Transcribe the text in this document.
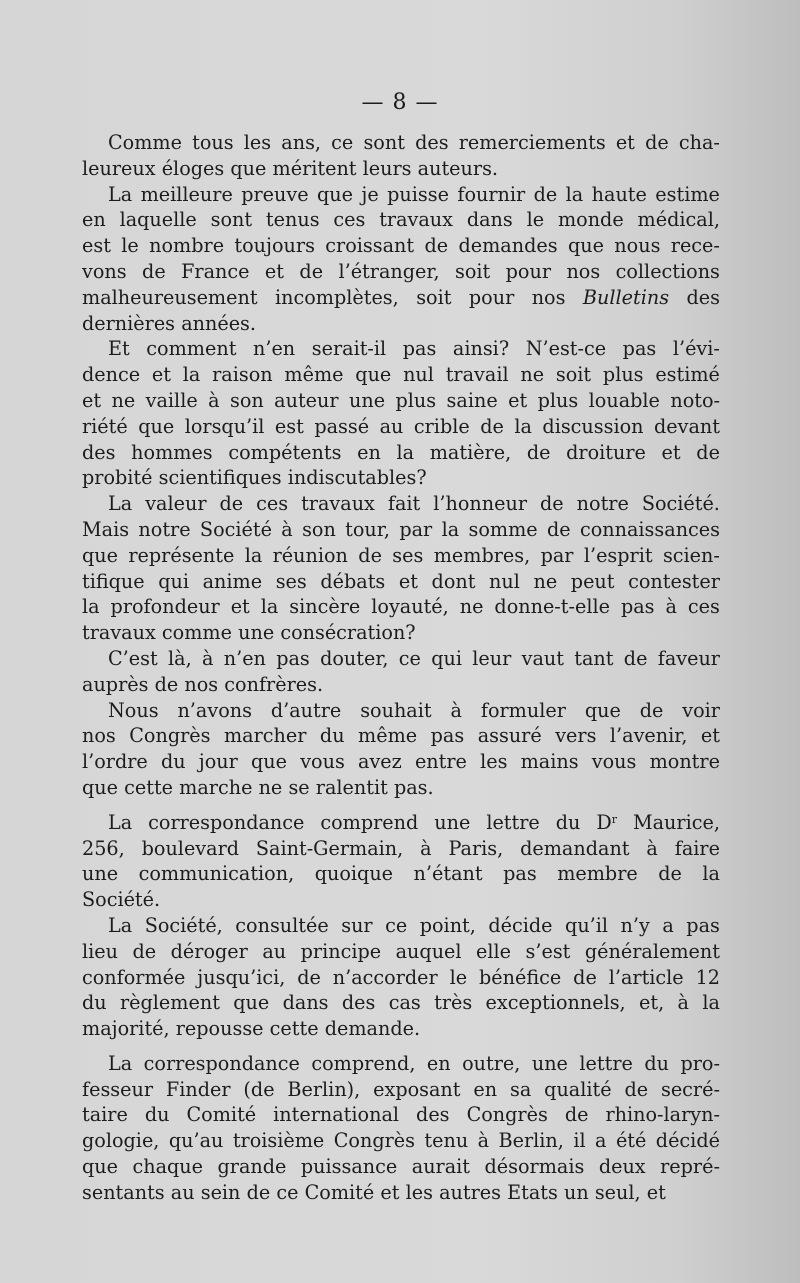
— 8 —
Comme tous les ans, ce sont des remerciements et de cha-
leureux éloges que méritent leurs auteurs.
La meilleure preuve que je puisse fournir de la haute estime
en laquelle sont tenus ces travaux dans le monde médical,
est le nombre toujours croissant de demandes que nous rece-
vons de France et de l’étranger, soit pour nos collections
malheureusement incomplètes, soit pour nos Bulletins des
dernières années.
Et comment n’en serait-il pas ainsi? N’est-ce pas l’évi-
dence et la raison même que nul travail ne soit plus estimé
et ne vaille à son auteur une plus saine et plus louable noto-
riété que lorsqu’il est passé au crible de la discussion devant
des hommes compétents en la matière, de droiture et de
probité scientifiques indiscutables?
La valeur de ces travaux fait l’honneur de notre Société.
Mais notre Société à son tour, par la somme de connaissances
que représente la réunion de ses membres, par l’esprit scien-
tifique qui anime ses débats et dont nul ne peut contester
la profondeur et la sincère loyauté, ne donne-t-elle pas à ces
travaux comme une consécration?
C’est là, à n’en pas douter, ce qui leur vaut tant de faveur
auprès de nos confrères.
Nous n’avons d’autre souhait à formuler que de voir
nos Congrès marcher du même pas assuré vers l’avenir, et
l’ordre du jour que vous avez entre les mains vous montre
que cette marche ne se ralentit pas.
La correspondance comprend une lettre du $D^r$ Maurice,
256, boulevard Saint-Germain, à Paris, demandant à faire
une communication, quoique n’étant pas membre de la
Société.
La Société, consultée sur ce point, décide qu’il n’y a pas
lieu de déroger au principe auquel elle s’est généralement
conformée jusqu’ici, de n’accorder le bénéfice de l’article 12
du règlement que dans des cas très exceptionnels, et, à la
majorité, repousse cette demande.
La correspondance comprend, en outre, une lettre du pro-
fesseur Finder (de Berlin), exposant en sa qualité de secré-
taire du Comité international des Congrès de rhino-laryn-
gologie, qu’au troisième Congrès tenu à Berlin, il a été décidé
que chaque grande puissance aurait désormais deux repré-
sentants au sein de ce Comité et les autres Etats un seul, et
